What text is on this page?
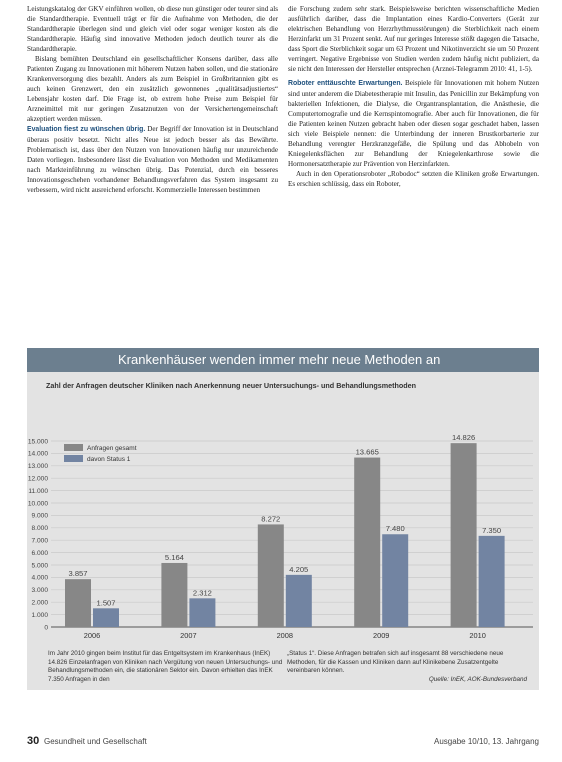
Leistungskatalog der GKV einführen wollen, ob diese nun günstiger oder teurer sind als die Standardtherapie. Eventuell trägt er für die Aufnahme von Methoden, die der Standardtherapie überlegen sind und gleich viel oder sogar weniger kosten als die Standardtherapie. Häufig sind innovative Methoden jedoch deutlich teurer als die Standardtherapie.

Bislang bemühten Deutschland ein gesellschaftlicher Konsens darüber, dass alle Patienten Zugang zu Innovationen mit höherem Nutzen haben sollen, und die stationäre Krankenversorgung dies bezahlt. Anders als zum Beispiel in Großbritannien gibt es auch keinen Grenzwert, den ein zusätzlich gewonnenes „qualitätsadjustiertes“ Lebensjahr kosten darf. Die Frage ist, ob extrem hohe Preise zum Beispiel für Arzneimittel mit nur geringen Zusatznutzen von der Versichertengemeinschaft akzeptiert werden müssen.

Evaluation fiest zu wünschen übrig. Der Begriff der Innovation ist in Deutschland überaus positiv besetzt. Nicht alles Neue ist jedoch besser als das Bewährte. Problematisch ist, dass über den Nutzen von Innovationen häufig nur unzureichende Daten vorliegen. Insbesondere lässt die Evaluation von Methoden und Medikamenten nach Markteinführung zu wünschen übrig. Das Potenzial, durch ein besseres Innovationsgeschehen vorhandener Behandlungsverfahren das System insgesamt zu verbessern, wird nicht ausreichend erforscht. Kommerzielle Interessen bestimmen

die Forschung zudem sehr stark. Beispielsweise berichten wissenschaftliche Medien ausführlich darüber, dass die Implantation eines Kardio-Converters (Gerät zur elektrischen Behandlung von Herzrhythmusstörungen) die Sterblichkeit nach einem Herzinfarkt um 31 Prozent senkt. Auf nur geringes Interesse stößt dagegen die Tatsache, dass Sport die Sterblichkeit sogar um 63 Prozent und Nikotinverzicht sie um 50 Prozent verringert. Negative Ergebnisse von Studien werden zudem häufig nicht publiziert, da sie nicht den Interessen der Hersteller entsprechen (Arznei-Telegramm 2010: 41, 1-5).

Roboter enttäuschte Erwartungen. Beispiele für Innovationen mit hohem Nutzen sind unter anderem die Diabetestherapie mit Insulin, das Penicillin zur Bekämpfung von bakteriellen Infektionen, die Dialyse, die Organtransplantation, die Anästhesie, die Computertomografie und die Kernspintomografie. Aber auch für Innovationen, die für die Patienten keinen Nutzen gebracht haben oder diesen sogar geschadet haben, lassen sich viele Beispiele nennen: die Unterbindung der inneren Brustkorbarterie zur Behandlung verengter Herzkranzgefäße, die Spülung und das Abhobeln von Kniegelenksflächen zur Behandlung der Kniegelenkarthrose sowie die Hormonersatztherapie zur Prävention von Herzinfarkten.

Auch in den Operationsroboter „Robodoc“ setzten die Kliniken große Erwartungen. Es erschien schlüssig, dass ein Roboter,

Krankenhäuser wenden immer mehr neue Methoden an
Zahl der Anfragen deutscher Kliniken nach Anerkennung neuer Untersuchungs- und Behandlungsmethoden
0
1.000
2.000
3.000
4.000
5.000
6.000
7.000
8.000
9.000
10.000
11.000
12.000
13.000
14.000
15.000
3.857
1.507
2006
5.164
2.312
2007
8.272
4.205
2008
13.665
7.480
2009
14.826
7.350
2010
Anfragen gesamt
davon Status 1
Im Jahr 2010 gingen beim Institut für das Entgeltsystem im Krankenhaus (InEK) 14.826 Einzelanfragen von Kliniken nach Vergütung von neuen Untersuchungs- und Behandlungsmethoden ein, die stationären Sektor ein. Davon erhielten das InEK 7.350 Anfragen in den
„Status 1“. Diese Anfragen betrafen sich auf insgesamt 88 verschiedene neue Methoden, für die Kassen und Kliniken dann auf Klinikebene Zusatzentgelte vereinbaren können.
Quelle: InEK, AOK-Bundesverband
30 Gesundheit und Gesellschaft	Ausgabe 10/10, 13. Jahrgang
